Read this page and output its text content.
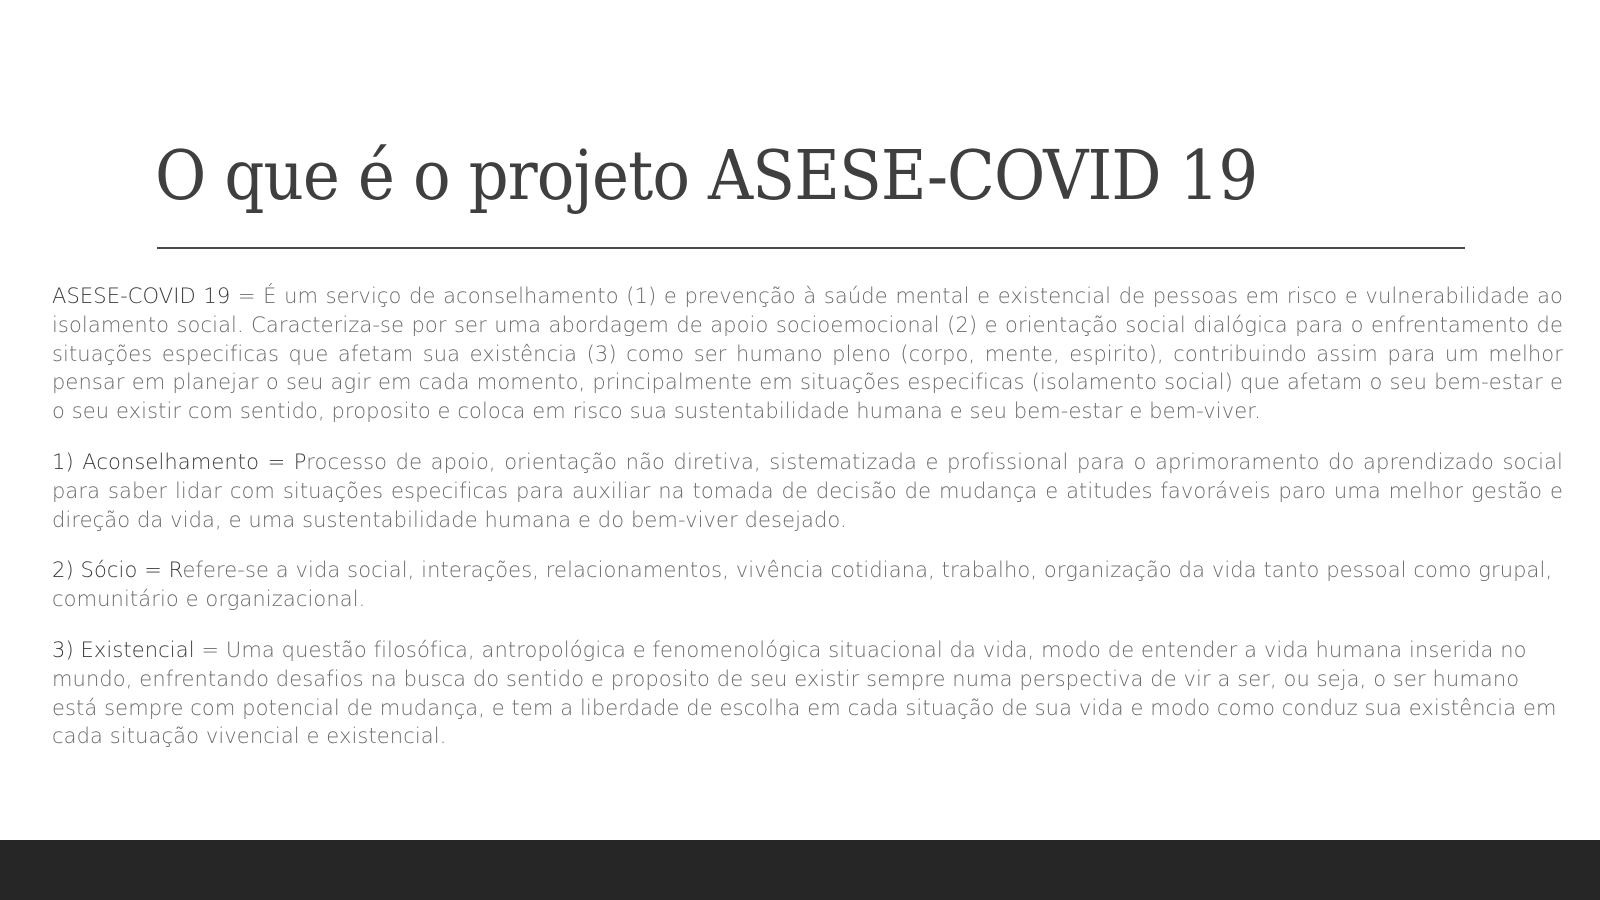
O que é o projeto ASESE-COVID 19

ASESE-COVID 19 = É um serviço de aconselhamento (1) e prevenção à saúde mental e existencial de pessoas em risco e vulnerabilidade ao isolamento social. Caracteriza-se por ser uma abordagem de apoio socioemocional (2) e orientação social dialógica para o enfrentamento de situações especificas que afetam sua existência (3) como ser humano pleno (corpo, mente, espirito), contribuindo assim para um melhor pensar em planejar o seu agir em cada momento, principalmente em situações especificas (isolamento social) que afetam o seu bem-estar e o seu existir com sentido, proposito e coloca em risco sua sustentabilidade humana e seu bem-estar e bem-viver.

1) Aconselhamento = Processo de apoio, orientação não diretiva, sistematizada e profissional para o aprimoramento do aprendizado social para saber lidar com situações especificas para auxiliar na tomada de decisão de mudança e atitudes favoráveis paro uma melhor gestão e direção da vida, e uma sustentabilidade humana e do bem-viver desejado.

2) Sócio = Refere-se a vida social, interações, relacionamentos, vivência cotidiana, trabalho, organização da vida tanto pessoal como grupal, comunitário e organizacional.

3) Existencial = Uma questão filosófica, antropológica e fenomenológica situacional da vida, modo de entender a vida humana inserida no mundo, enfrentando desafios na busca do sentido e proposito de seu existir sempre numa perspectiva de vir a ser, ou seja, o ser humano está sempre com potencial de mudança, e tem a liberdade de escolha em cada situação de sua vida e modo como conduz sua existência em cada situação vivencial e existencial.
